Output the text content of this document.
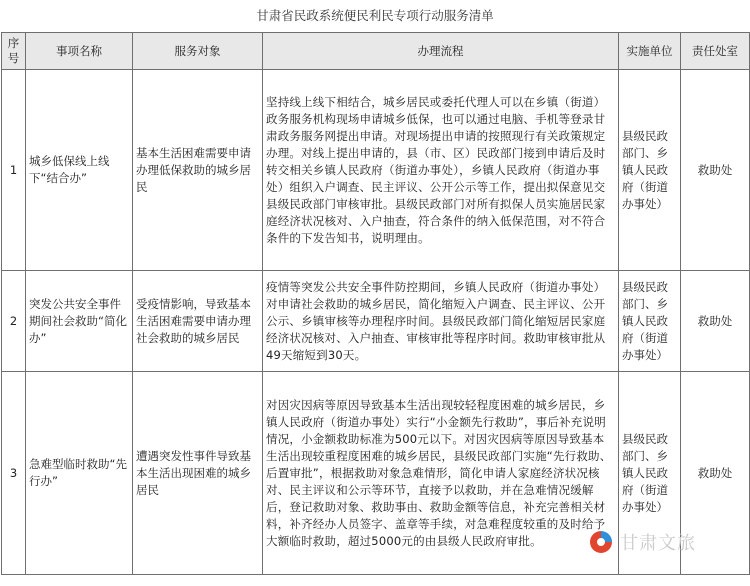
甘肃省民政系统便民利民专项行动服务清单
序号	事项名称	服务对象	办理流程	实施单位	责任处室
1	城乡低保线上线下“结合办”	基本生活困难需要申请办理低保救助的城乡居民	坚持线上线下相结合，城乡居民或委托代理人可以在乡镇（街道）政务服务机构现场申请城乡低保，也可以通过电脑、手机等登录甘肃政务服务网提出申请。对现场提出申请的按照现行有关政策规定办理。对线上提出申请的，县（市、区）民政部门接到申请后及时转交相关乡镇人民政府（街道办事处），乡镇人民政府（街道办事处）组织入户调查、民主评议、公开公示等工作，提出拟保意见交县级民政部门审核审批。县级民政部门对所有拟保人员实施居民家庭经济状况核对、入户抽查，符合条件的纳入低保范围，对不符合条件的下发告知书，说明理由。	县级民政部门、乡镇人民政府（街道办事处）	救助处
2	突发公共安全事件期间社会救助“简化办”	受疫情影响，导致基本生活困难需要申请办理社会救助的城乡居民	疫情等突发公共安全事件防控期间，乡镇人民政府（街道办事处）对申请社会救助的城乡居民，简化缩短入户调查、民主评议、公开公示、乡镇审核等办理程序时间。县级民政部门简化缩短居民家庭经济状况核对、入户抽查、审核审批等程序时间。救助审核审批从49天缩短到30天。	县级民政部门、乡镇人民政府（街道办事处）	救助处
3	急难型临时救助“先行办”	遭遇突发性事件导致基本生活出现困难的城乡居民	对因灾因病等原因导致基本生活出现较轻程度困难的城乡居民，乡镇人民政府（街道办事处）实行“小金额先行救助”，事后补充说明情况，小金额救助标准为500元以下。对因灾因病等原因导致基本生活出现较重程度困难的城乡居民，县级民政部门实施“先行救助、后置审批”，根据救助对象急难情形，简化申请人家庭经济状况核对、民主评议和公示等环节，直接予以救助，并在急难情况缓解后，登记救助对象、救助事由、救助金额等信息，补充完善相关材料，补齐经办人员签字、盖章等手续，对急难程度较重的及时给予大额临时救助，超过5000元的由县级人民政府审批。	县级民政部门、乡镇人民政府（街道办事处）	救助处
甘肃文旅
